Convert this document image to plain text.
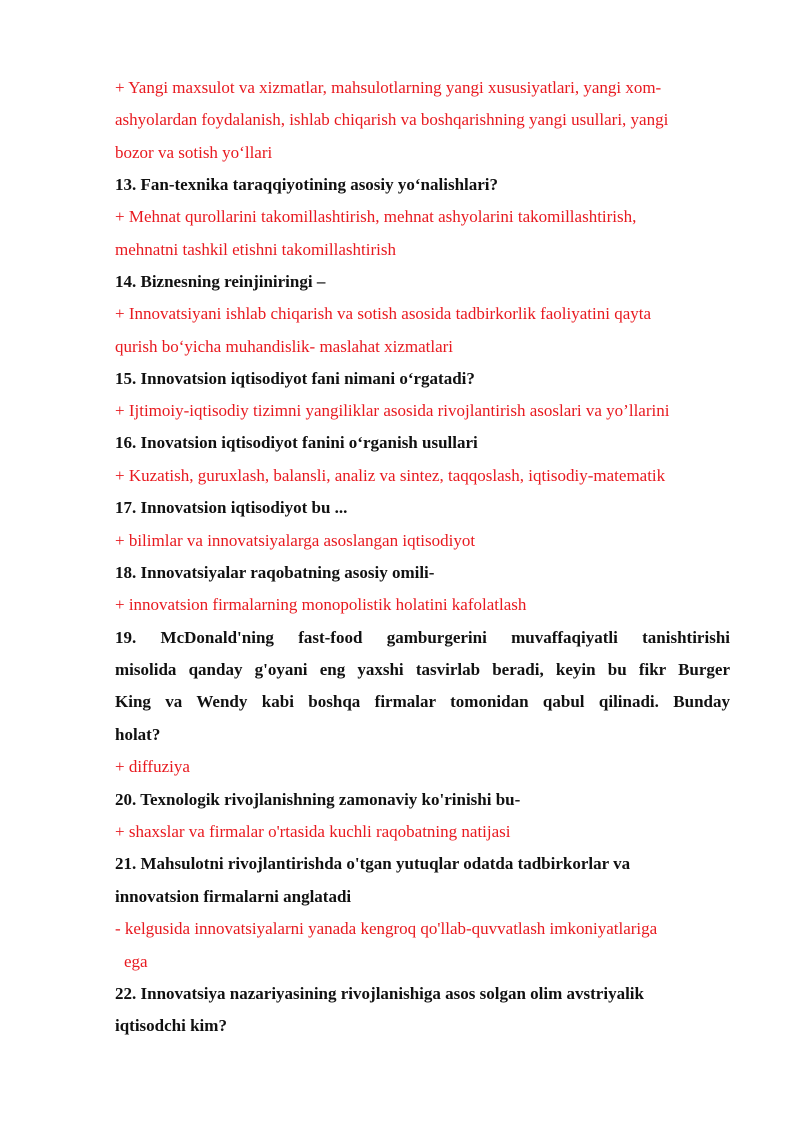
+ Yangi maxsulot va xizmatlar, mahsulotlarning yangi xususiyatlari, yangi xom-
ashyolardan foydalanish, ishlab chiqarish va boshqarishning yangi usullari, yangi
bozor va sotish yo‘llari
13. Fan-texnika taraqqiyotining asosiy yo‘nalishlari?
+ Mehnat qurollarini takomillashtirish, mehnat ashyolarini takomillashtirish,
mehnatni tashkil etishni takomillashtirish
14. Biznesning reinjiniringi –
+ Innovatsiyani ishlab chiqarish va sotish asosida tadbirkorlik faoliyatini qayta
qurish bo‘yicha muhandislik- maslahat xizmatlari
15. Innovatsion iqtisodiyot fani nimani o‘rgatadi?
+ Ijtimoiy-iqtisodiy tizimni yangiliklar asosida rivojlantirish asoslari va yo’llarini
16. Inovatsion iqtisodiyot fanini o‘rganish usullari
+ Kuzatish, guruxlash, balansli, analiz va sintez, taqqoslash, iqtisodiy-matematik
17. Innovatsion iqtisodiyot bu ...
+ bilimlar va innovatsiyalarga asoslangan iqtisodiyot
18. Innovatsiyalar raqobatning asosiy omili-
+ innovatsion firmalarning monopolistik holatini kafolatlash
19. McDonald'ning fast-food gamburgerini muvaffaqiyatli tanishtirishi
misolida qanday g'oyani eng yaxshi tasvirlab beradi, keyin bu fikr Burger
King va Wendy kabi boshqa firmalar tomonidan qabul qilinadi. Bunday
holat?
+ diffuziya
20. Texnologik rivojlanishning zamonaviy ko'rinishi bu-
+ shaxslar va firmalar o'rtasida kuchli raqobatning natijasi
21. Mahsulotni rivojlantirishda o'tgan yutuqlar odatda tadbirkorlar va
innovatsion firmalarni anglatadi
- kelgusida innovatsiyalarni yanada kengroq qo'llab-quvvatlash imkoniyatlariga
ega
22. Innovatsiya nazariyasining rivojlanishiga asos solgan olim avstriyalik
iqtisodchi kim?
